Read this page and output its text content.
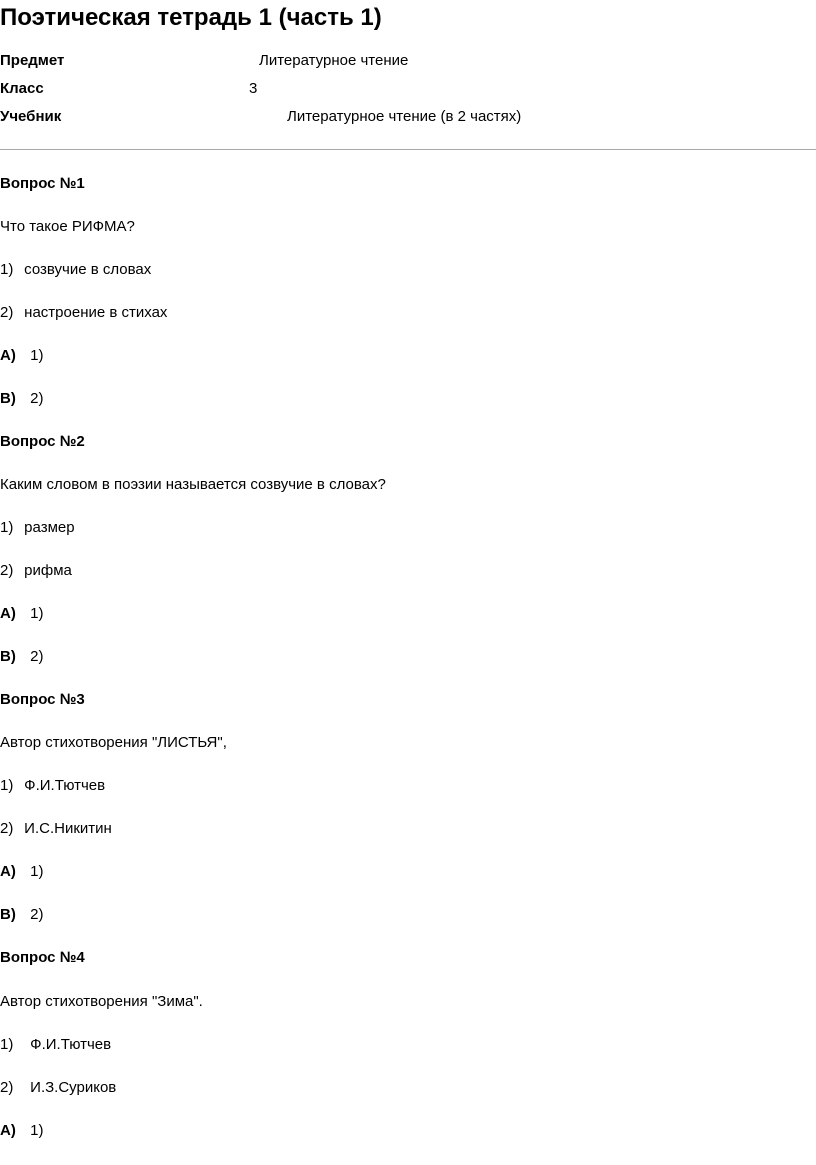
Поэтическая тетрадь 1 (часть 1)
Предмет	Литературное чтение
Класс	3
Учебник	Литературное чтение (в 2 частях)
Вопрос №1
Что такое РИФМА?
1) созвучие в словах
2) настроение в стихах
А) 1)
В) 2)
Вопрос №2
Каким словом в поэзии называется созвучие в словах?
1) размер
2) рифма
А) 1)
В) 2)
Вопрос №3
Автор стихотворения "ЛИСТЬЯ",
1) Ф.И.Тютчев
2) И.С.Никитин
А) 1)
В) 2)
Вопрос №4
Автор стихотворения "Зима".
1) Ф.И.Тютчев
2) И.З.Суриков
А) 1)
